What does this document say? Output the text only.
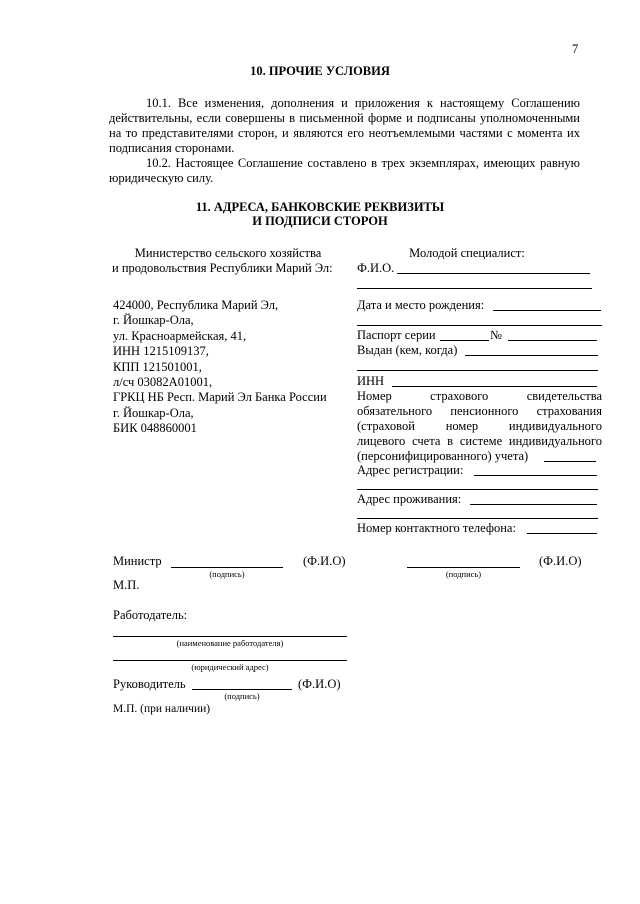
7
10. ПРОЧИЕ УСЛОВИЯ
10.1. Все изменения, дополнения и приложения к настоящему Соглашению
действительны, если совершены в письменной форме и подписаны уполномоченными
на то представителями сторон, и являются его неотъемлемыми частями с момента их
подписания сторонами.
10.2. Настоящее Соглашение составлено в трех экземплярах, имеющих равную
юридическую силу.
11. АДРЕСА, БАНКОВСКИЕ РЕКВИЗИТЫ
И ПОДПИСИ СТОРОН
Министерство сельского хозяйства
и продовольствия Республики Марий Эл:
424000, Республика Марий Эл,
г. Йошкар-Ола,
ул. Красноармейская, 41,
ИНН 1215109137,
КПП 121501001,
л/сч 03082А01001,
ГРКЦ НБ Респ. Марий Эл Банка России
г. Йошкар-Ола,
БИК 048860001
Молодой специалист:
Ф.И.О.
Дата и место рождения:
Паспорт серии	№
Выдан (кем, когда)
ИНН
Номер страхового свидетельства
обязательного пенсионного страхования
(страховой номер индивидуального
лицевого счета в системе индивидуального
(персонифицированного) учета)
Адрес регистрации:
Адрес проживания:
Номер контактного телефона:
Министр
(подпись)
(Ф.И.О)
М.П.
(подпись)
(Ф.И.О)
Работодатель:
(наименование работодателя)
(юридический адрес)
Руководитель
(подпись)
(Ф.И.О)
М.П. (при наличии)
